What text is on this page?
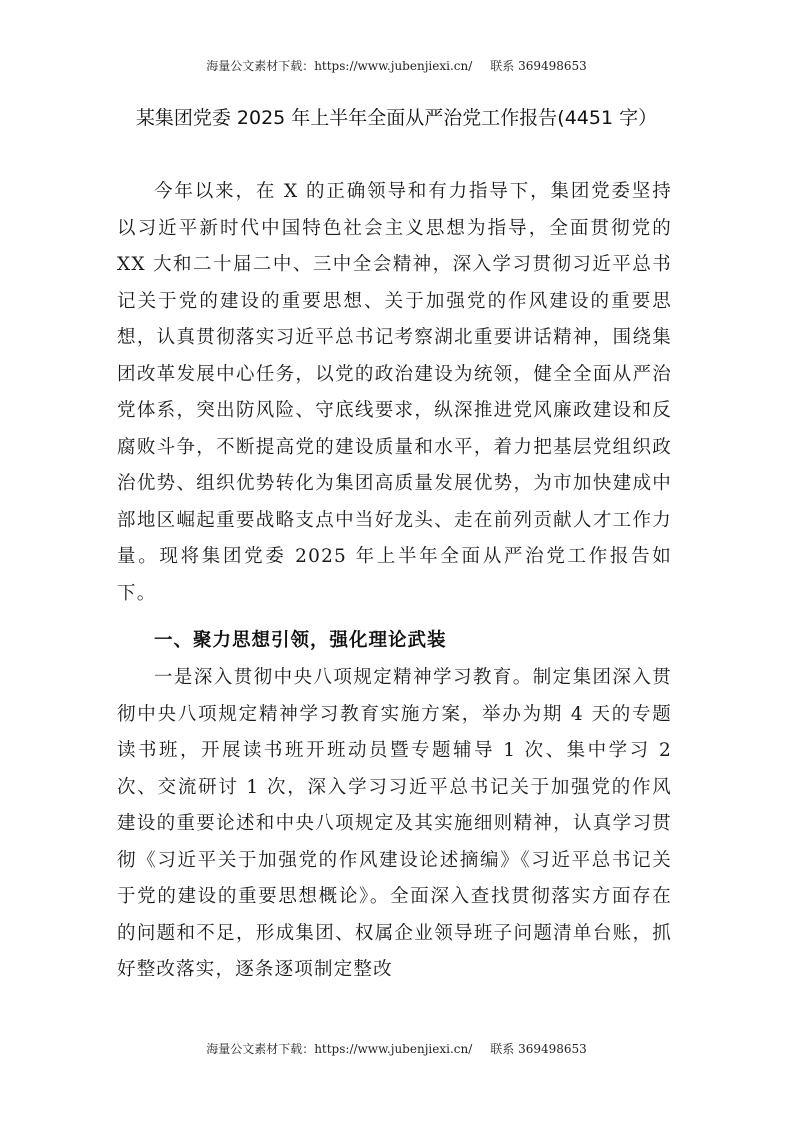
海量公文素材下载：https://www.jubenjiexi.cn/ 联系 369498653
某集团党委 2025 年上半年全面从严治党工作报告(4451 字）

今年以来，在 X 的正确领导和有力指导下，集团党委坚持以习近平新时代中国特色社会主义思想为指导，全面贯彻党的 XX 大和二十届二中、三中全会精神，深入学习贯彻习近平总书记关于党的建设的重要思想、关于加强党的作风建设的重要思想，认真贯彻落实习近平总书记考察湖北重要讲话精神，围绕集团改革发展中心任务，以党的政治建设为统领，健全全面从严治党体系，突出防风险、守底线要求，纵深推进党风廉政建设和反腐败斗争，不断提高党的建设质量和水平，着力把基层党组织政治优势、组织优势转化为集团高质量发展优势，为市加快建成中部地区崛起重要战略支点中当好龙头、走在前列贡献人才工作力量。现将集团党委 2025 年上半年全面从严治党工作报告如下。

一、聚力思想引领，强化理论武装

一是深入贯彻中央八项规定精神学习教育。制定集团深入贯彻中央八项规定精神学习教育实施方案，举办为期 4 天的专题读书班，开展读书班开班动员暨专题辅导 1 次、集中学习 2 次、交流研讨 1 次，深入学习习近平总书记关于加强党的作风建设的重要论述和中央八项规定及其实施细则精神，认真学习贯彻《习近平关于加强党的作风建设论述摘编》《习近平总书记关于党的建设的重要思想概论》。全面深入查找贯彻落实方面存在的问题和不足，形成集团、权属企业领导班子问题清单台账，抓好整改落实，逐条逐项制定整改

海量公文素材下载：https://www.jubenjiexi.cn/ 联系 369498653
